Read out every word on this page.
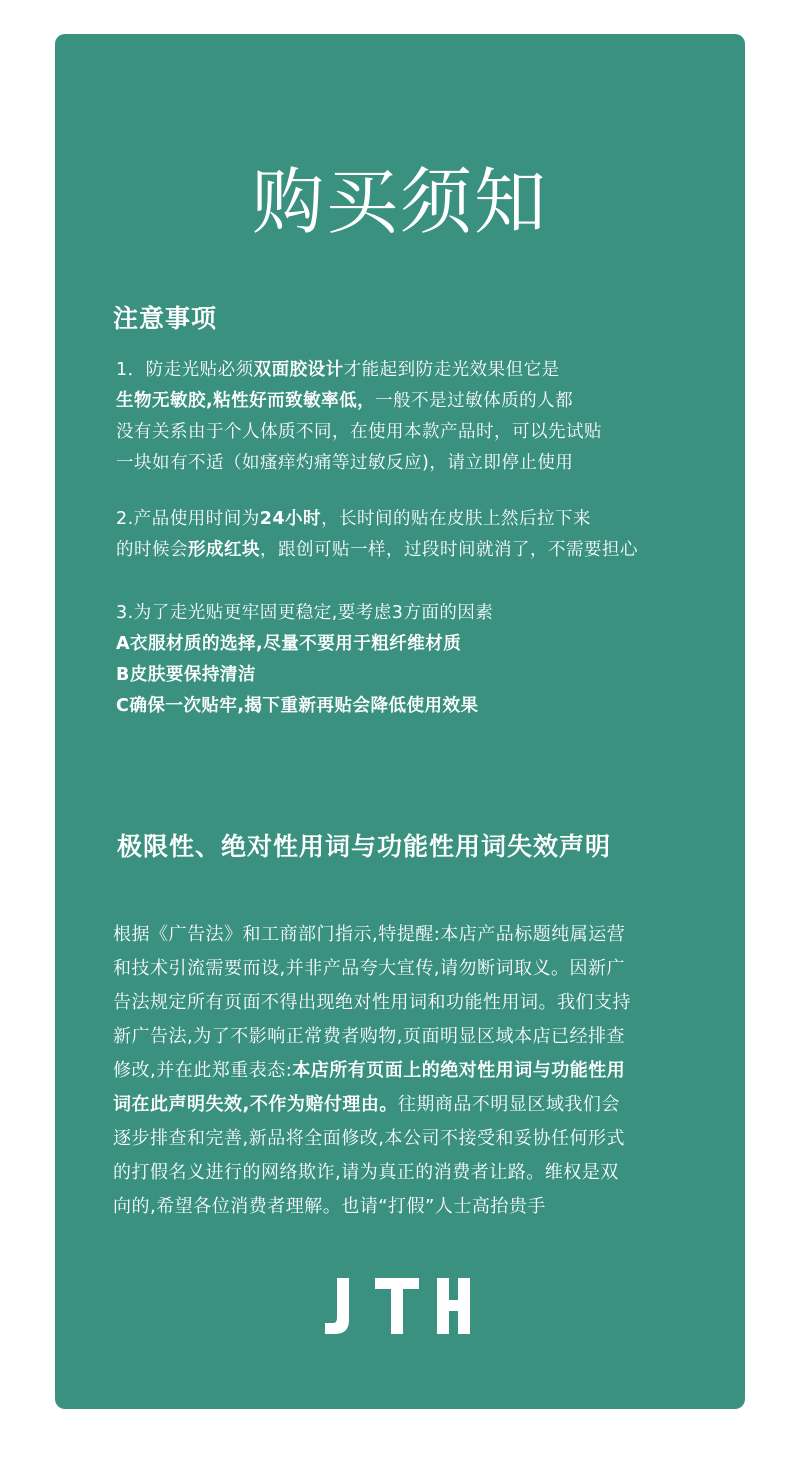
购买须知
注意事项

1．防走光贴必须双面胶设计才能起到防走光效果但它是
生物无敏胶,粘性好而致敏率低，一般不是过敏体质的人都
没有关系由于个人体质不同，在使用本款产品时，可以先试贴
一块如有不适（如瘙痒灼痛等过敏反应)，请立即停止使用

2.产品使用时间为24小时，长时间的贴在皮肤上然后拉下来
的时候会形成红块，跟创可贴一样，过段时间就消了，不需要担心

3.为了走光贴更牢固更稳定,要考虑3方面的因素
A衣服材质的选择,尽量不要用于粗纤维材质
B皮肤要保持清洁
C确保一次贴牢,揭下重新再贴会降低使用效果

极限性、绝对性用词与功能性用词失效声明

根据《广告法》和工商部门指示,特提醒:本店产品标题纯属运营
和技术引流需要而设,并非产品夸大宣传,请勿断词取义。因新广
告法规定所有页面不得出现绝对性用词和功能性用词。我们支持
新广告法,为了不影响正常费者购物,页面明显区域本店已经排查
修改,并在此郑重表态:本店所有页面上的绝对性用词与功能性用
词在此声明失效,不作为赔付理由。往期商品不明显区域我们会
逐步排查和完善,新品将全面修改,本公司不接受和妥协任何形式
的打假名义进行的网络欺诈,请为真正的消费者让路。维权是双
向的,希望各位消费者理解。也请“打假”人士高抬贵手
